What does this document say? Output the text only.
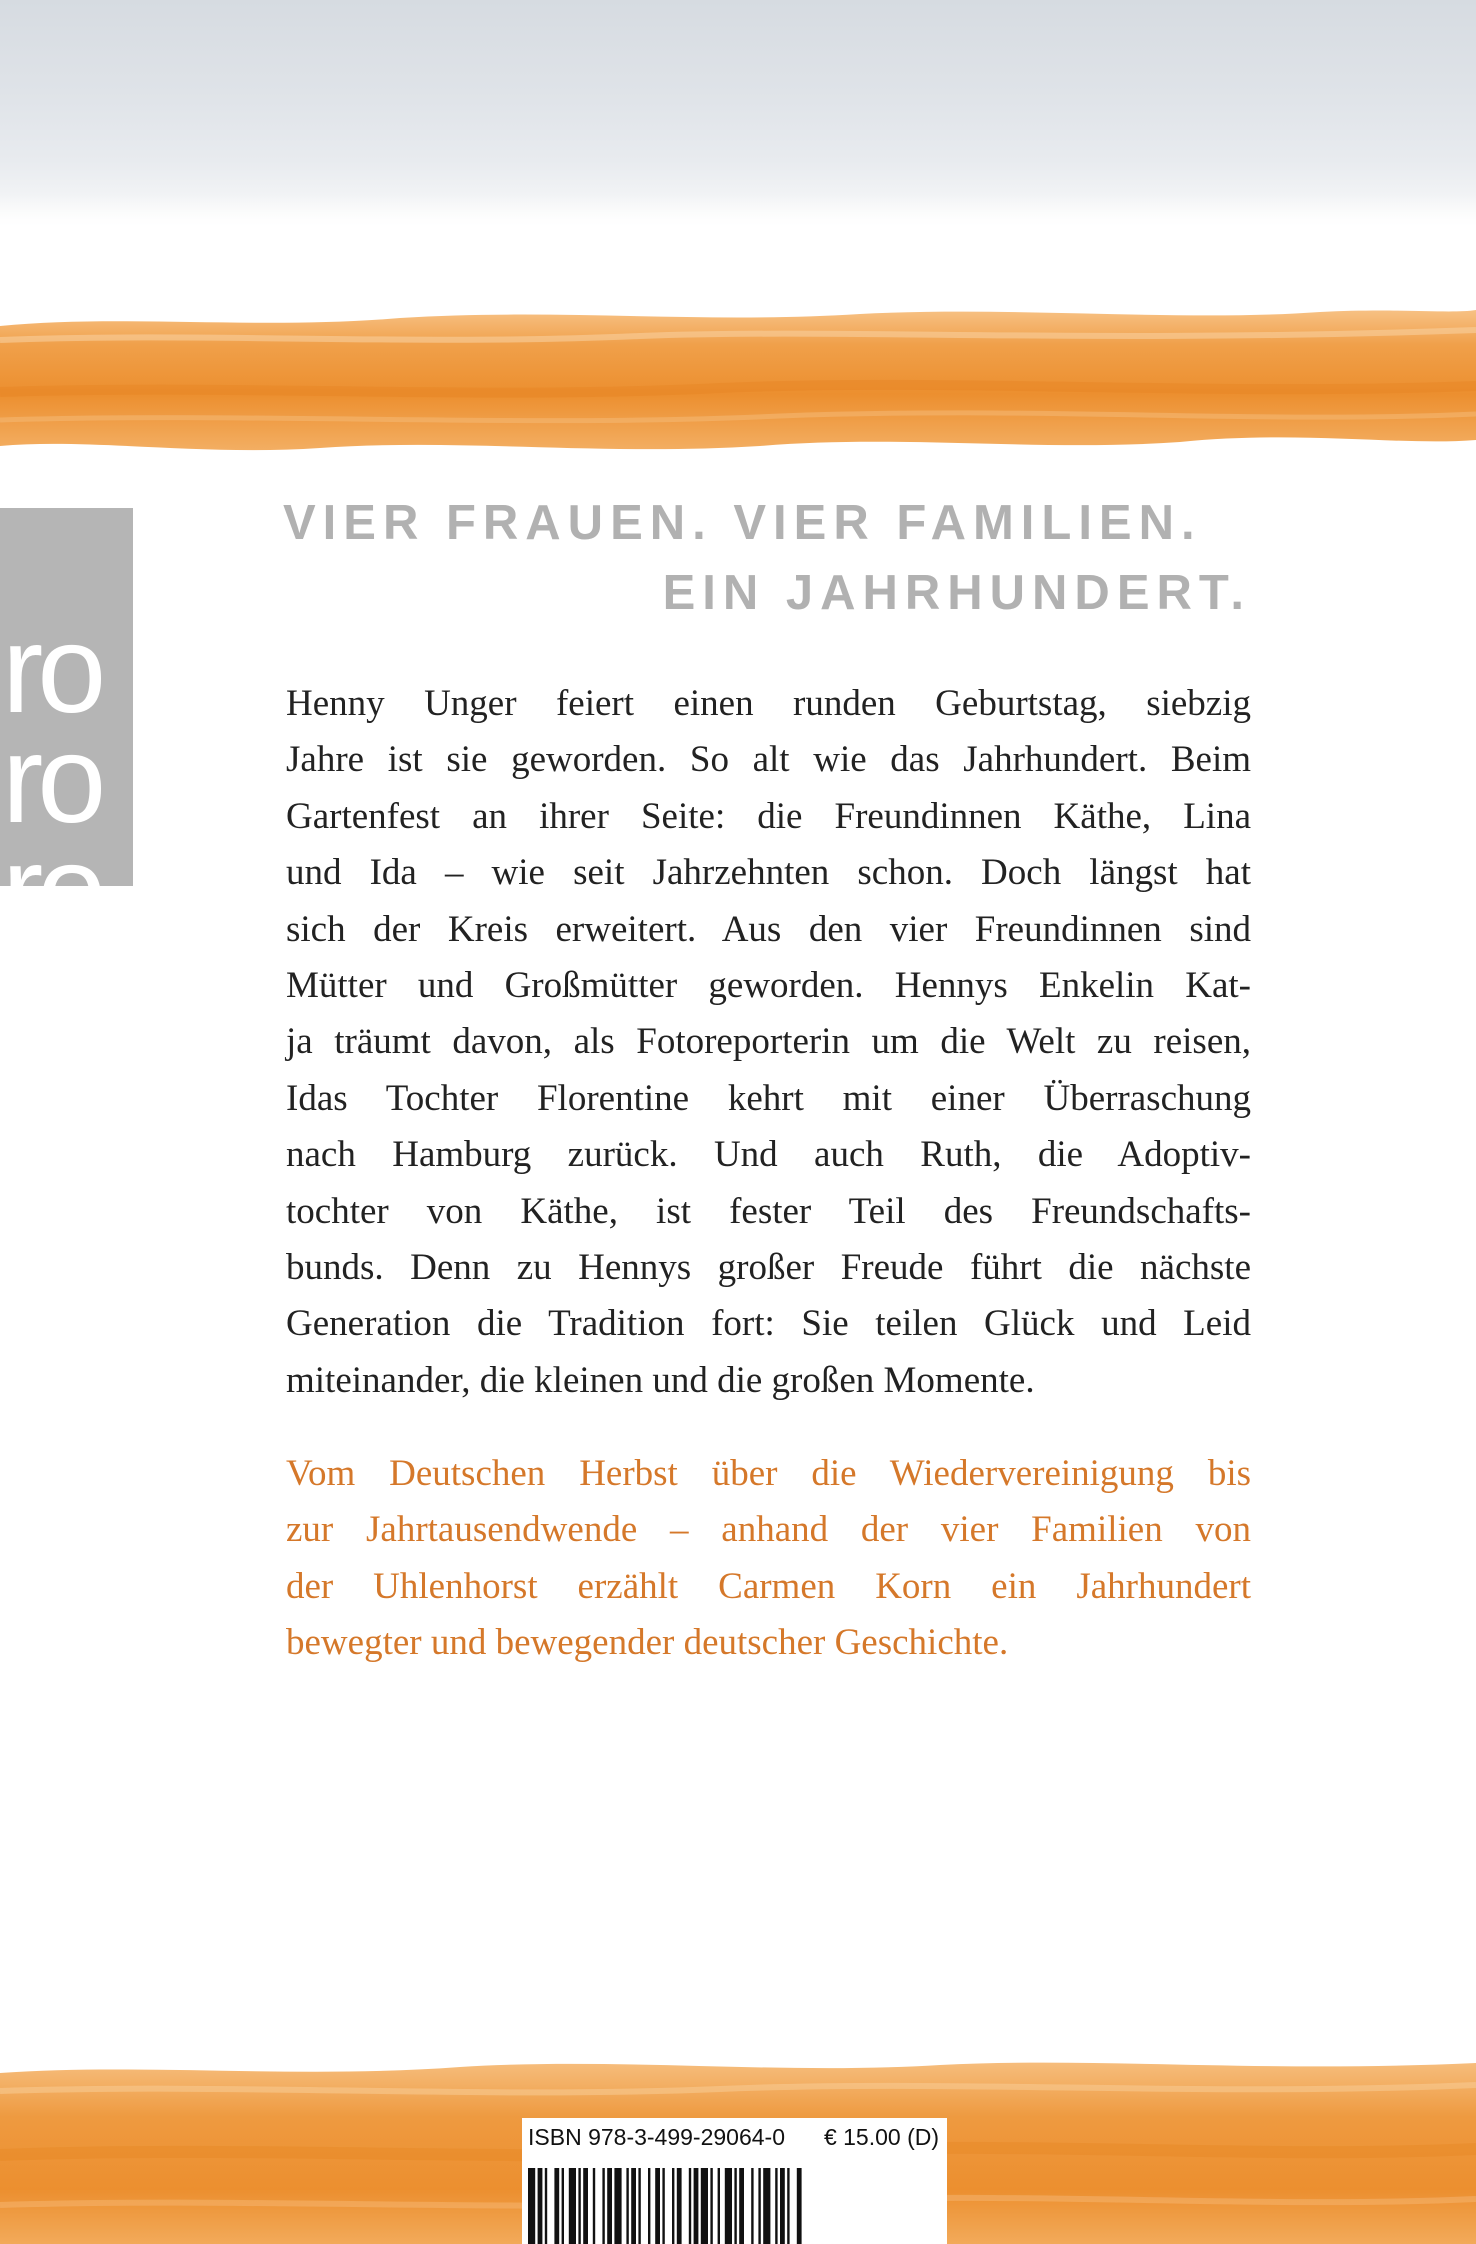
ro
ro
ro
VIER FRAUEN. VIER FAMILIEN.
EIN JAHRHUNDERT.
Henny Unger feiert einen runden Geburtstag, siebzig
Jahre ist sie geworden. So alt wie das Jahrhundert. Beim
Gartenfest an ihrer Seite: die Freundinnen Käthe, Lina
und Ida – wie seit Jahrzehnten schon. Doch längst hat
sich der Kreis erweitert. Aus den vier Freundinnen sind
Mütter und Großmütter geworden. Hennys Enkelin Kat-
ja träumt davon, als Fotoreporterin um die Welt zu reisen,
Idas Tochter Florentine kehrt mit einer Überraschung
nach Hamburg zurück. Und auch Ruth, die Adoptiv-
tochter von Käthe, ist fester Teil des Freundschafts-
bunds. Denn zu Hennys großer Freude führt die nächste
Generation die Tradition fort: Sie teilen Glück und Leid
miteinander, die kleinen und die großen Momente.
Vom Deutschen Herbst über die Wiedervereinigung bis
zur Jahrtausendwende – anhand der vier Familien von
der Uhlenhorst erzählt Carmen Korn ein Jahrhundert
bewegter und bewegender deutscher Geschichte.
ISBN 978-3-499-29064-0 € 15.00 (D)
